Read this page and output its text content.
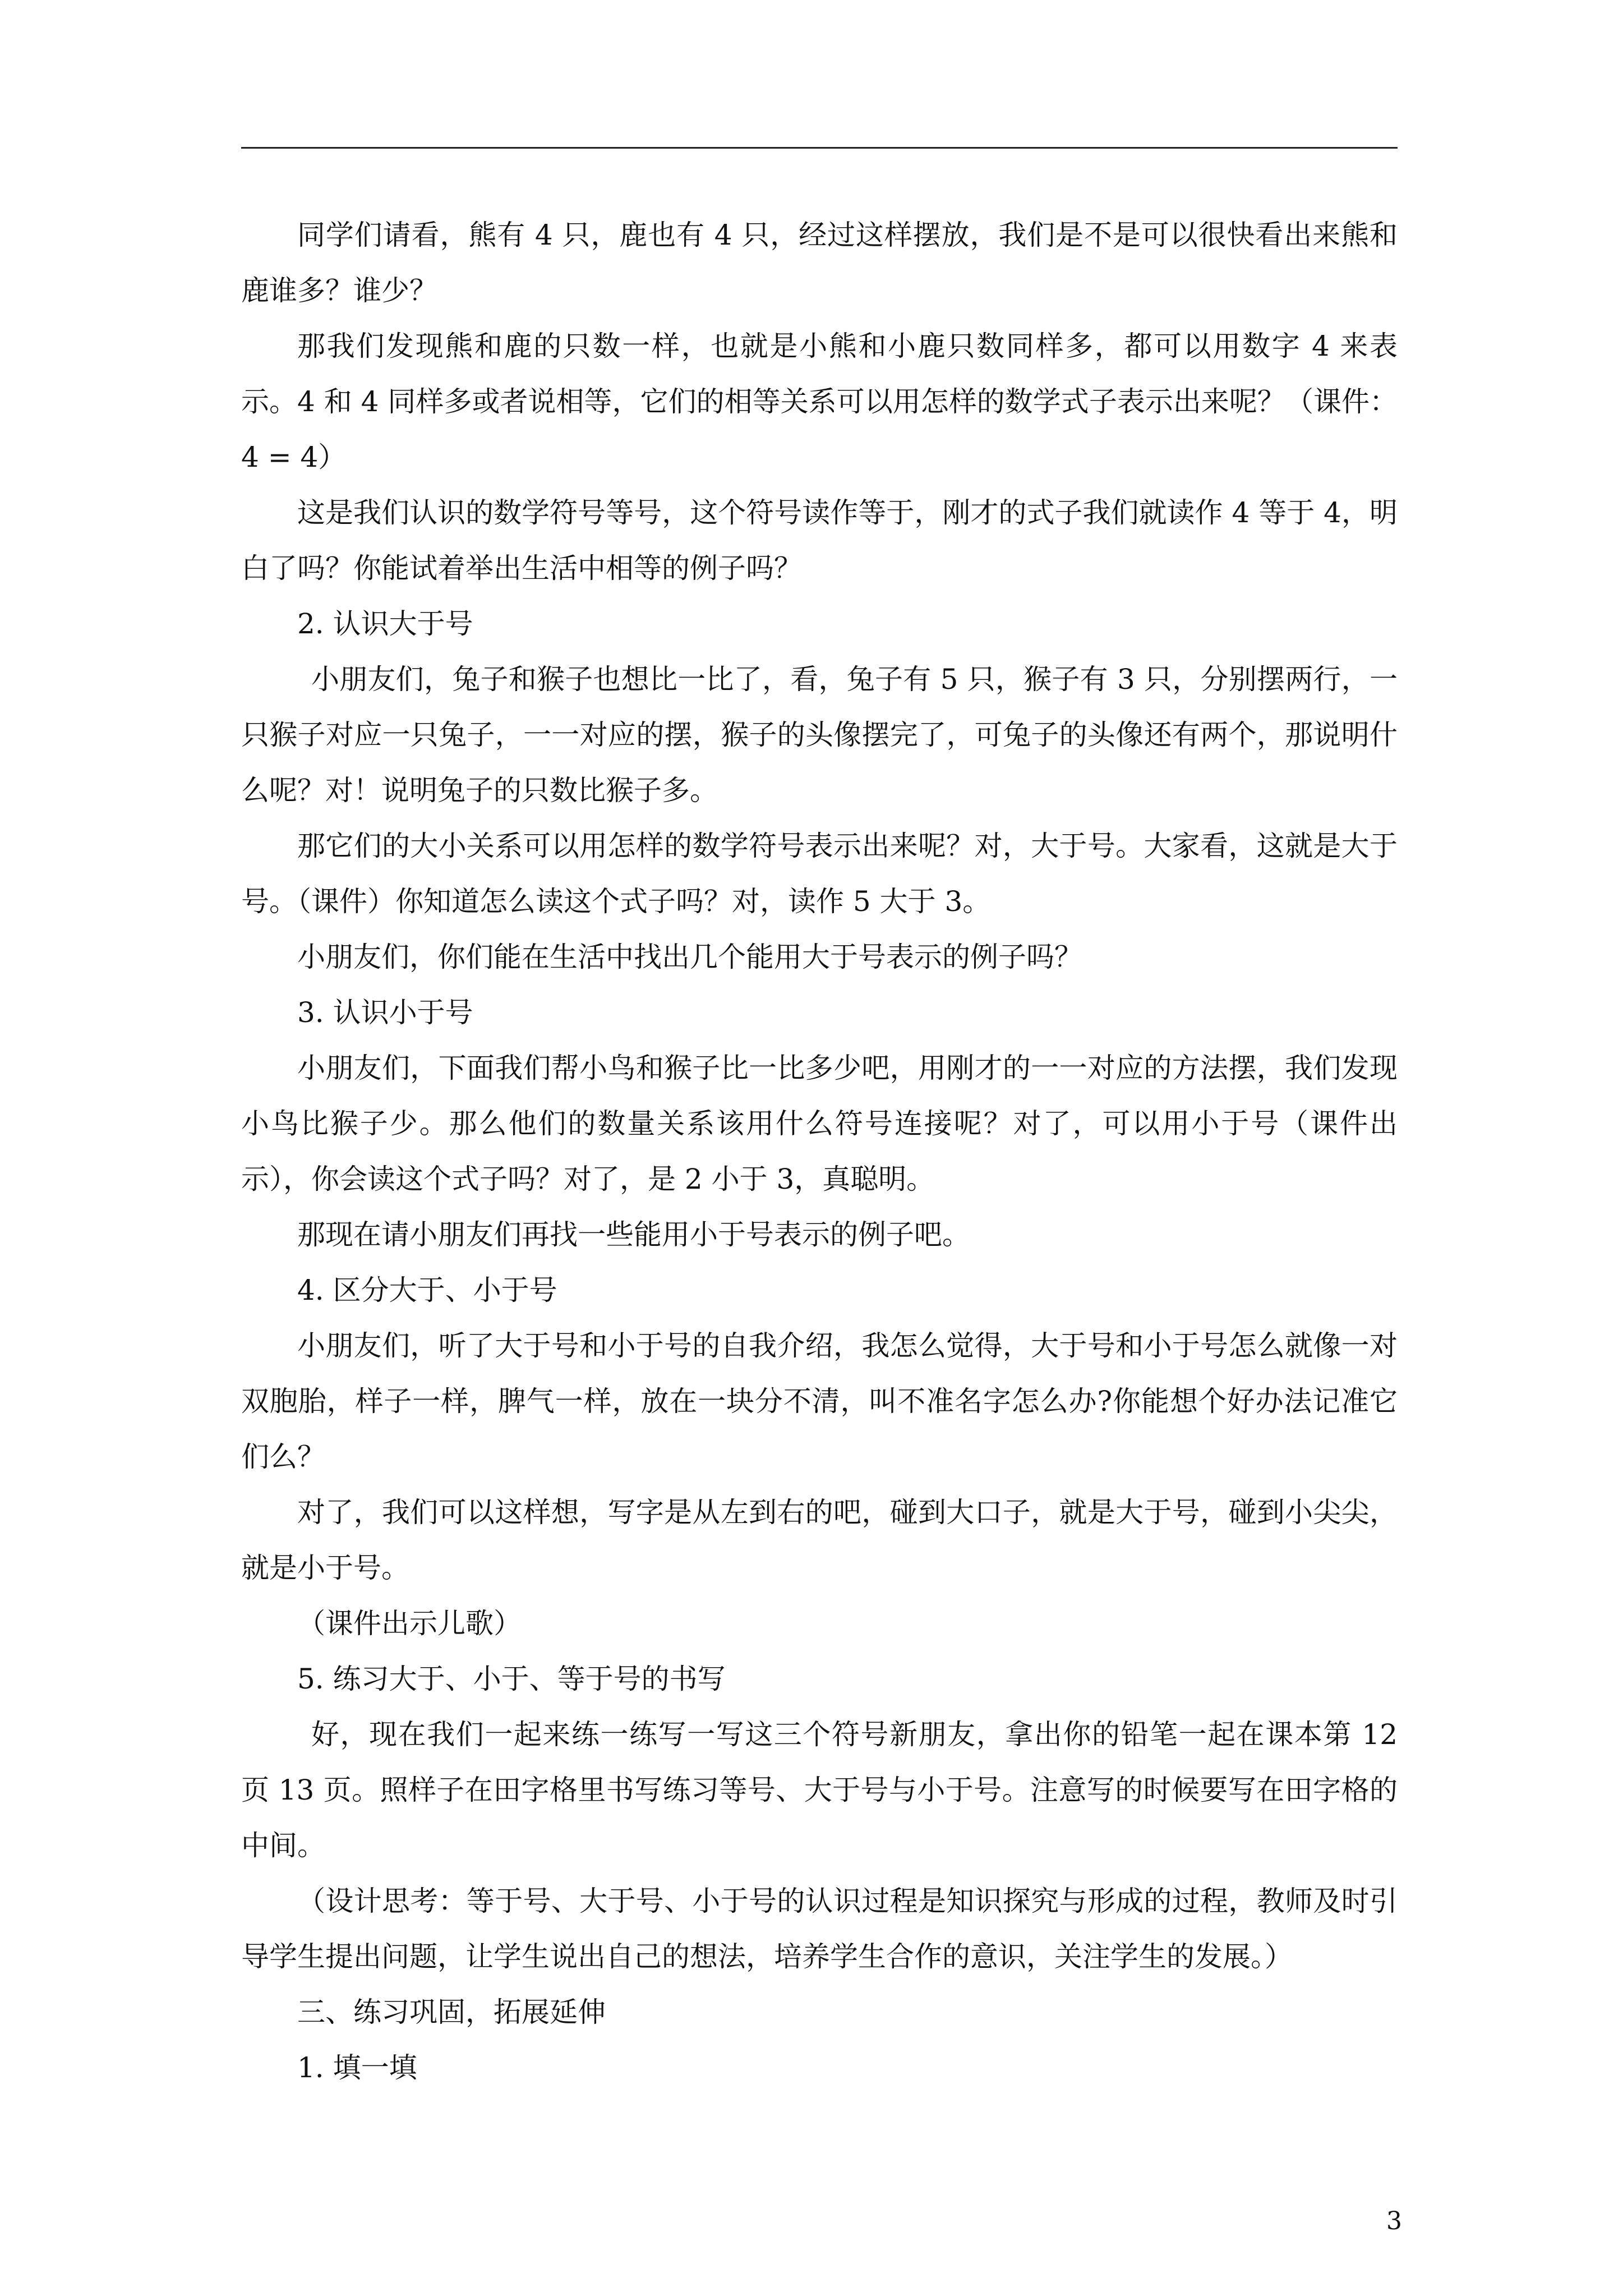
同学们请看，熊有 4 只，鹿也有 4 只，经过这样摆放，我们是不是可以很快看出来熊和鹿谁多？谁少？

那我们发现熊和鹿的只数一样，也就是小熊和小鹿只数同样多，都可以用数字 4 来表示。4 和 4 同样多或者说相等，它们的相等关系可以用怎样的数学式子表示出来呢？（课件：4 = 4）

这是我们认识的数学符号等号，这个符号读作等于，刚才的式子我们就读作 4 等于 4，明白了吗？你能试着举出生活中相等的例子吗？

2. 认识大于号

小朋友们，兔子和猴子也想比一比了，看，兔子有 5 只，猴子有 3 只，分别摆两行，一只猴子对应一只兔子，一一对应的摆，猴子的头像摆完了，可兔子的头像还有两个，那说明什么呢？对！说明兔子的只数比猴子多。

那它们的大小关系可以用怎样的数学符号表示出来呢？对，大于号。大家看，这就是大于号。（课件）你知道怎么读这个式子吗？对，读作 5 大于 3。

小朋友们，你们能在生活中找出几个能用大于号表示的例子吗？

3. 认识小于号

小朋友们，下面我们帮小鸟和猴子比一比多少吧，用刚才的一一对应的方法摆，我们发现小鸟比猴子少。那么他们的数量关系该用什么符号连接呢？对了，可以用小于号（课件出示），你会读这个式子吗？对了，是 2 小于 3，真聪明。

那现在请小朋友们再找一些能用小于号表示的例子吧。

4. 区分大于、小于号

小朋友们，听了大于号和小于号的自我介绍，我怎么觉得，大于号和小于号怎么就像一对双胞胎，样子一样，脾气一样，放在一块分不清，叫不准名字怎么办?你能想个好办法记准它们么？

对了，我们可以这样想，写字是从左到右的吧，碰到大口子，就是大于号，碰到小尖尖，就是小于号。

（课件出示儿歌）

5. 练习大于、小于、等于号的书写

好，现在我们一起来练一练写一写这三个符号新朋友，拿出你的铅笔一起在课本第 12 页 13 页。照样子在田字格里书写练习等号、大于号与小于号。注意写的时候要写在田字格的中间。

（设计思考：等于号、大于号、小于号的认识过程是知识探究与形成的过程，教师及时引导学生提出问题，让学生说出自己的想法，培养学生合作的意识，关注学生的发展。）

三、练习巩固，拓展延伸

1. 填一填

3
